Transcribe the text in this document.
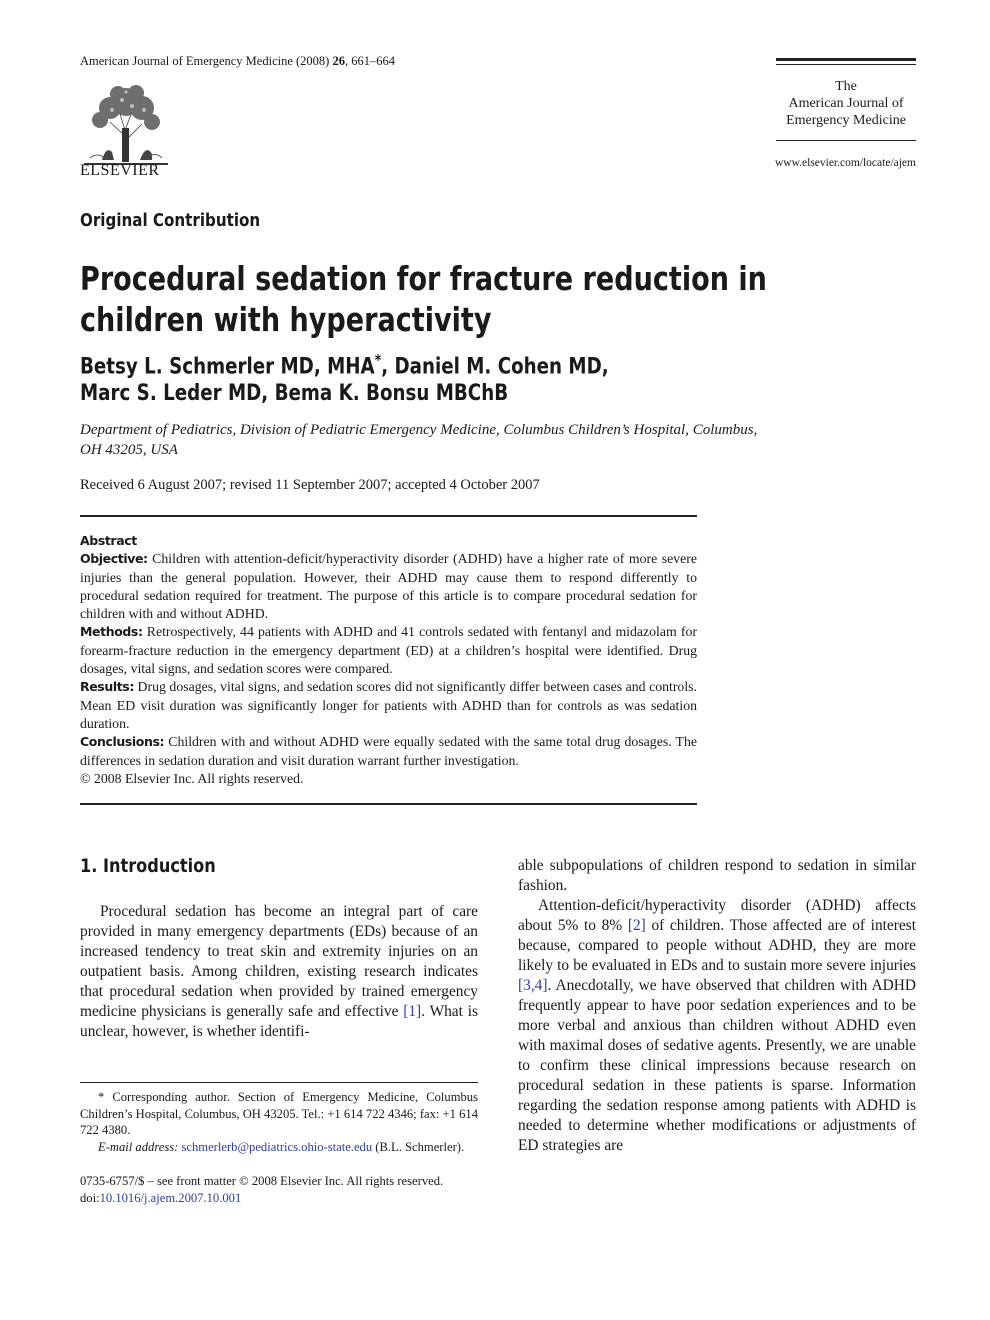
American Journal of Emergency Medicine (2008) 26, 661–664
ELSEVIER
The
American Journal of
Emergency Medicine
www.elsevier.com/locate/ajem
Original Contribution
Procedural sedation for fracture reduction in
children with hyperactivity
Betsy L. Schmerler MD, MHA*, Daniel M. Cohen MD,
Marc S. Leder MD, Bema K. Bonsu MBChB
Department of Pediatrics, Division of Pediatric Emergency Medicine, Columbus Children’s Hospital, Columbus, OH 43205, USA
Received 6 August 2007; revised 11 September 2007; accepted 4 October 2007

Abstract

Objective: Children with attention-deficit/hyperactivity disorder (ADHD) have a higher rate of more severe injuries than the general population. However, their ADHD may cause them to respond differently to procedural sedation required for treatment. The purpose of this article is to compare procedural sedation for children with and without ADHD.

Methods: Retrospectively, 44 patients with ADHD and 41 controls sedated with fentanyl and midazolam for forearm-fracture reduction in the emergency department (ED) at a children’s hospital were identified. Drug dosages, vital signs, and sedation scores were compared.

Results: Drug dosages, vital signs, and sedation scores did not significantly differ between cases and controls. Mean ED visit duration was significantly longer for patients with ADHD than for controls as was sedation duration.

Conclusions: Children with and without ADHD were equally sedated with the same total drug dosages. The differences in sedation duration and visit duration warrant further investigation.

© 2008 Elsevier Inc. All rights reserved.

1. Introduction

Procedural sedation has become an integral part of care provided in many emergency departments (EDs) because of an increased tendency to treat skin and extremity injuries on an outpatient basis. Among children, existing research indicates that procedural sedation when provided by trained emergency medicine physicians is generally safe and effective [1]. What is unclear, however, is whether identifi-

able subpopulations of children respond to sedation in similar fashion.

Attention-deficit/hyperactivity disorder (ADHD) affects about 5% to 8% [2] of children. Those affected are of interest because, compared to people without ADHD, they are more likely to be evaluated in EDs and to sustain more severe injuries [3,4]. Anecdotally, we have observed that children with ADHD frequently appear to have poor sedation experiences and to be more verbal and anxious than children without ADHD even with maximal doses of sedative agents. Presently, we are unable to confirm these clinical impressions because research on procedural sedation in these patients is sparse. Information regarding the sedation response among patients with ADHD is needed to determine whether modifications or adjustments of ED strategies are

* Corresponding author. Section of Emergency Medicine, Columbus Children’s Hospital, Columbus, OH 43205. Tel.: +1 614 722 4346; fax: +1 614 722 4380.

E-mail address: schmerlerb@pediatrics.ohio-state.edu (B.L. Schmerler).

0735-6757/$ – see front matter © 2008 Elsevier Inc. All rights reserved.

doi:10.1016/j.ajem.2007.10.001
